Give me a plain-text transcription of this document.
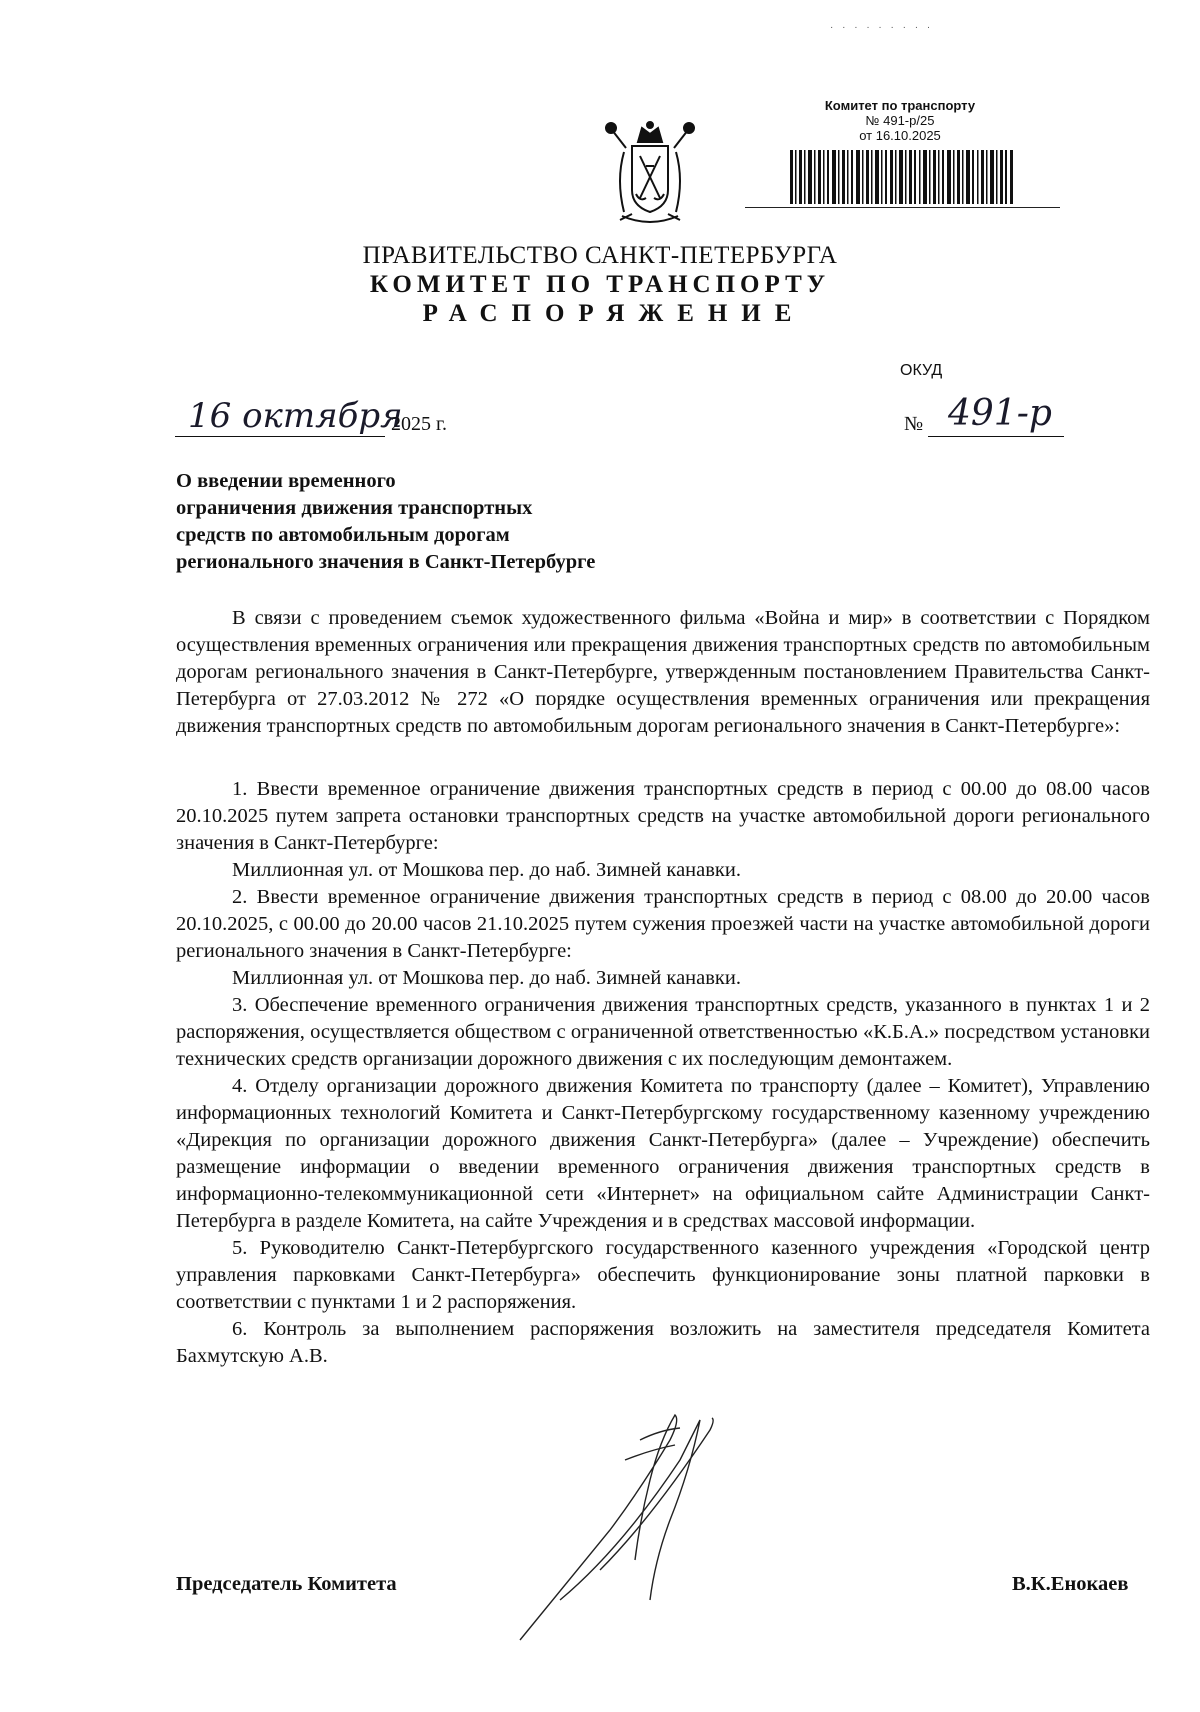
· · · · · · · · ·
Комитет по транспорту
№ 491-р/25
от 16.10.2025
ПРАВИТЕЛЬСТВО САНКТ-ПЕТЕРБУРГА
КОМИТЕТ ПО ТРАНСПОРТУ
РАСПОРЯЖЕНИЕ
ОКУД
16 октября
2025 г.	№ 491-р
О введении временного
ограничения движения транспортных
средств по автомобильным дорогам
регионального значения в Санкт-Петербурге

В связи с проведением съемок художественного фильма «Война и мир» в соответствии с Порядком осуществления временных ограничения или прекращения движения транспортных средств по автомобильным дорогам регионального значения в Санкт-Петербурге, утвержденным постановлением Правительства Санкт-Петербурга от 27.03.2012 № 272 «О порядке осуществления временных ограничения или прекращения движения транспортных средств по автомобильным дорогам регионального значения в Санкт-Петербурге»:

1. Ввести временное ограничение движения транспортных средств в период с 00.00 до 08.00 часов 20.10.2025 путем запрета остановки транспортных средств на участке автомобильной дороги регионального значения в Санкт-Петербурге:

Миллионная ул. от Мошкова пер. до наб. Зимней канавки.

2. Ввести временное ограничение движения транспортных средств в период с 08.00 до 20.00 часов 20.10.2025, с 00.00 до 20.00 часов 21.10.2025 путем сужения проезжей части на участке автомобильной дороги регионального значения в Санкт-Петербурге:

Миллионная ул. от Мошкова пер. до наб. Зимней канавки.

3. Обеспечение временного ограничения движения транспортных средств, указанного в пунктах 1 и 2 распоряжения, осуществляется обществом с ограниченной ответственностью «К.Б.А.» посредством установки технических средств организации дорожного движения с их последующим демонтажем.

4. Отделу организации дорожного движения Комитета по транспорту (далее – Комитет), Управлению информационных технологий Комитета и Санкт-Петербургскому государственному казенному учреждению «Дирекция по организации дорожного движения Санкт-Петербурга» (далее – Учреждение) обеспечить размещение информации о введении временного ограничения движения транспортных средств в информационно-телекоммуникационной сети «Интернет» на официальном сайте Администрации Санкт-Петербурга в разделе Комитета, на сайте Учреждения и в средствах массовой информации.

5. Руководителю Санкт-Петербургского государственного казенного учреждения «Городской центр управления парковками Санкт-Петербурга» обеспечить функционирование зоны платной парковки в соответствии с пунктами 1 и 2 распоряжения.

6. Контроль за выполнением распоряжения возложить на заместителя председателя Комитета Бахмутскую А.В.

Председатель Комитета	В.К.Енокаев
